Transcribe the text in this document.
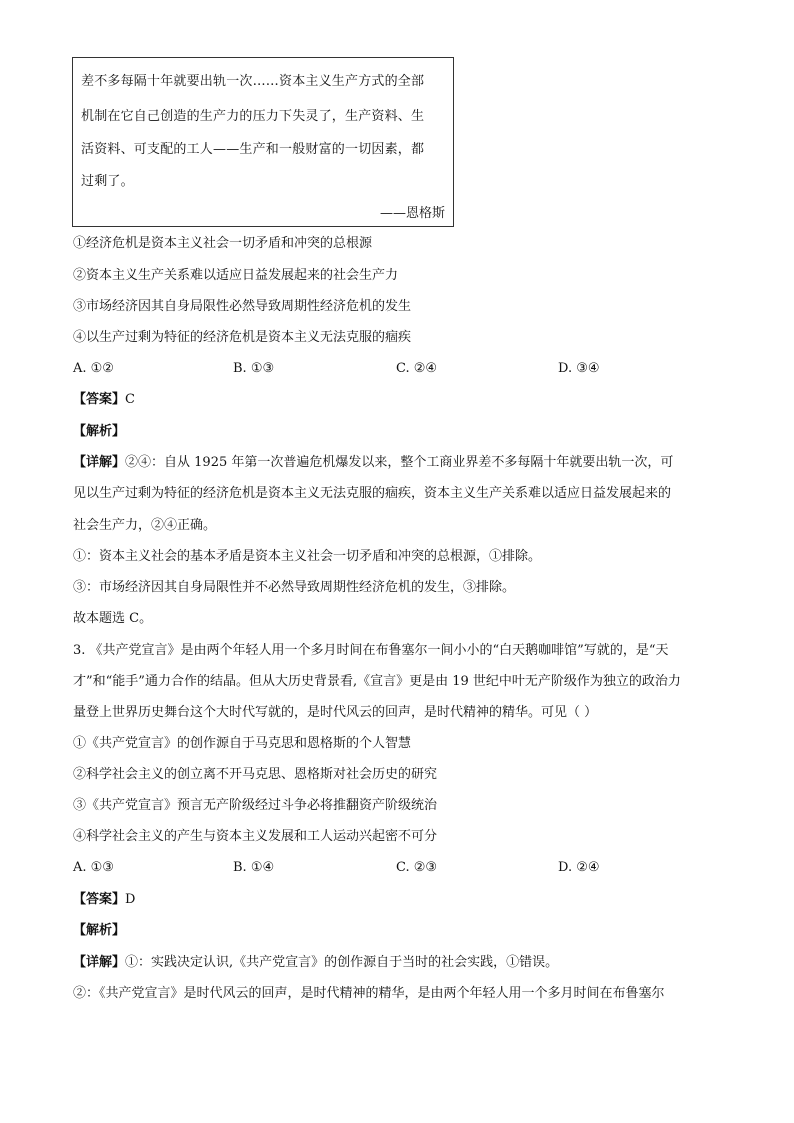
差不多每隔十年就要出轨一次……资本主义生产方式的全部
机制在它自己创造的生产力的压力下失灵了，生产资料、生
活资料、可支配的工人——生产和一般财富的一切因素，都
过剩了。
——恩格斯
①经济危机是资本主义社会一切矛盾和冲突的总根源
②资本主义生产关系难以适应日益发展起来的社会生产力
③市场经济因其自身局限性必然导致周期性经济危机的发生
④以生产过剩为特征的经济危机是资本主义无法克服的痼疾
A. ①②	B. ①③	C. ②④	D. ③④
【答案】C
【解析】
【详解】②④：自从 1925 年第一次普遍危机爆发以来，整个工商业界差不多每隔十年就要出轨一次，可
见以生产过剩为特征的经济危机是资本主义无法克服的痼疾，资本主义生产关系难以适应日益发展起来的
社会生产力，②④正确。
①：资本主义社会的基本矛盾是资本主义社会一切矛盾和冲突的总根源，①排除。
③：市场经济因其自身局限性并不必然导致周期性经济危机的发生，③排除。
故本题选 C。
3. 《共产党宣言》是由两个年轻人用一个多月时间在布鲁塞尔一间小小的“白天鹅咖啡馆”写就的，是“天
才”和“能手”通力合作的结晶。但从大历史背景看,《宣言》更是由 19 世纪中叶无产阶级作为独立的政治力
量登上世界历史舞台这个大时代写就的，是时代风云的回声，是时代精神的精华。可见（ ）
①《共产党宣言》的创作源自于马克思和恩格斯的个人智慧
②科学社会主义的创立离不开马克思、恩格斯对社会历史的研究
③《共产党宣言》预言无产阶级经过斗争必将推翻资产阶级统治
④科学社会主义的产生与资本主义发展和工人运动兴起密不可分
A. ①③	B. ①④	C. ②③	D. ②④
【答案】D
【解析】
【详解】①：实践决定认识,《共产党宣言》的创作源自于当时的社会实践，①错误。
②：《共产党宣言》是时代风云的回声，是时代精神的精华，是由两个年轻人用一个多月时间在布鲁塞尔
